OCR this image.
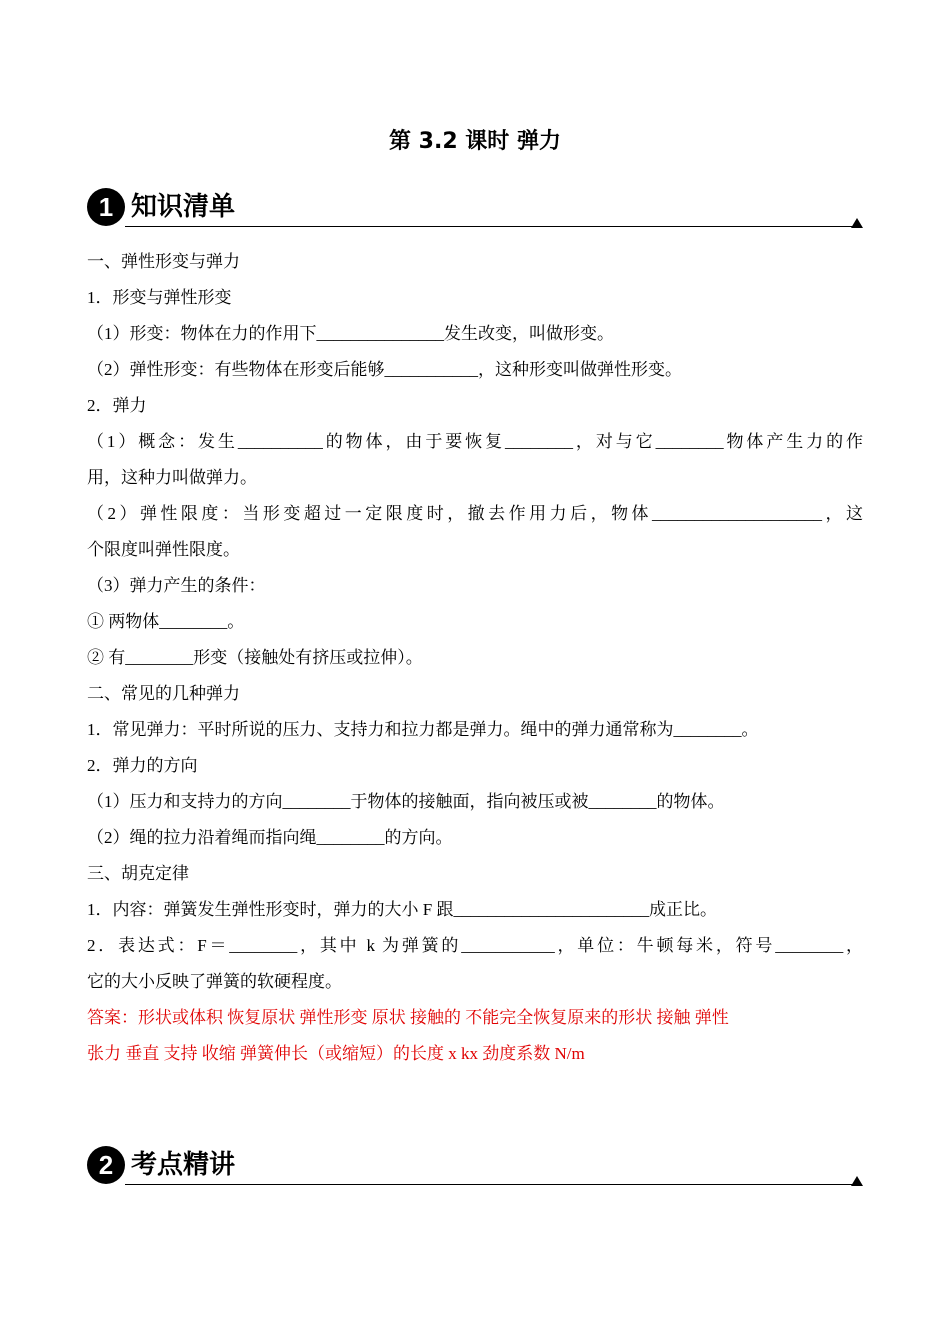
第 3.2 课时 弹力
1 知识清单
一、弹性形变与弹力
1．形变与弹性形变
（1）形变：物体在力的作用下_______________发生改变，叫做形变。
（2）弹性形变：有些物体在形变后能够___________，这种形变叫做弹性形变。
2．弹力
（1）概念：发生__________的物体，由于要恢复________，对与它________物体产生力的作
用，这种力叫做弹力。
（2）弹性限度：当形变超过一定限度时，撤去作用力后，物体____________________，这
个限度叫弹性限度。
（3）弹力产生的条件：
① 两物体________。
② 有________形变（接触处有挤压或拉伸）。
二、常见的几种弹力
1．常见弹力：平时所说的压力、支持力和拉力都是弹力。绳中的弹力通常称为________。
2．弹力的方向
（1）压力和支持力的方向________于物体的接触面，指向被压或被________的物体。
（2）绳的拉力沿着绳而指向绳________的方向。
三、胡克定律
1．内容：弹簧发生弹性形变时，弹力的大小 F 跟_______________________成正比。
2．表达式：F＝________，其中 k 为弹簧的___________，单位：牛顿每米，符号________，
它的大小反映了弹簧的软硬程度。
答案：形状或体积 恢复原状 弹性形变 原状 接触的 不能完全恢复原来的形状 接触 弹性
张力 垂直 支持 收缩 弹簧伸长（或缩短）的长度 x kx 劲度系数 N/m
2 考点精讲
